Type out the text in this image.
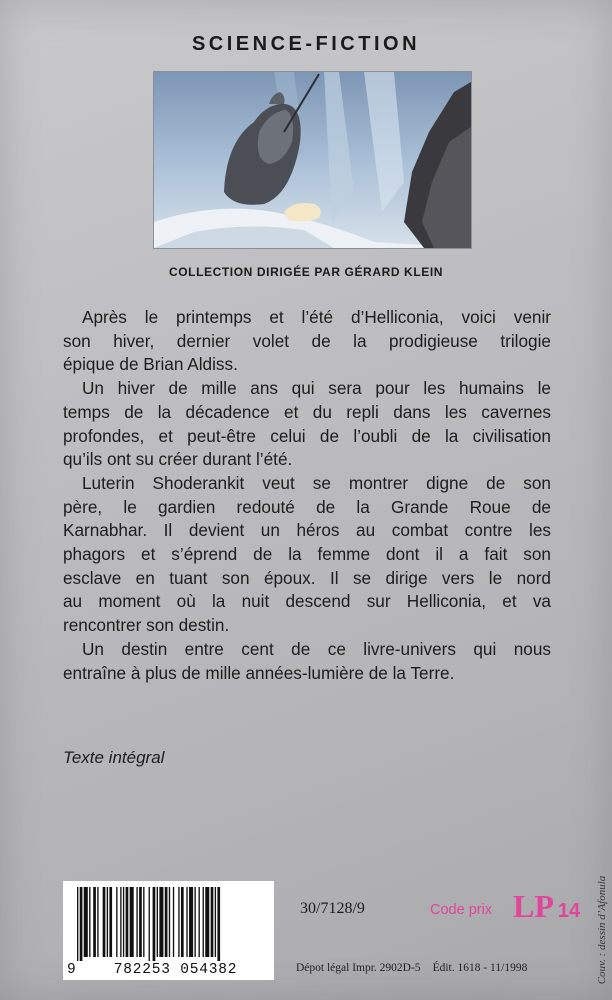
SCIENCE-FICTION
COLLECTION DIRIGÉE PAR GÉRARD KLEIN
Après le printemps et l’été d’Helliconia, voici venir
son hiver, dernier volet de la prodigieuse trilogie
épique de Brian Aldiss.
Un hiver de mille ans qui sera pour les humains le
temps de la décadence et du repli dans les cavernes
profondes, et peut-être celui de l’oubli de la civilisation
qu’ils ont su créer durant l’été.
Luterin Shoderankit veut se montrer digne de son
père, le gardien redouté de la Grande Roue de
Karnabhar. Il devient un héros au combat contre les
phagors et s’éprend de la femme dont il a fait son
esclave en tuant son époux. Il se dirige vers le nord
au moment où la nuit descend sur Helliconia, et va
rencontrer son destin.
Un destin entre cent de ce livre-univers qui nous
entraîne à plus de mille années-lumière de la Terre.
Texte intégral
9	782253 054382
30/7128/9	Code prix LP 14
Dépot légal Impr. 2902D-5 Édit. 1618 - 11/1998	Couv. : dessin d’Afonula
